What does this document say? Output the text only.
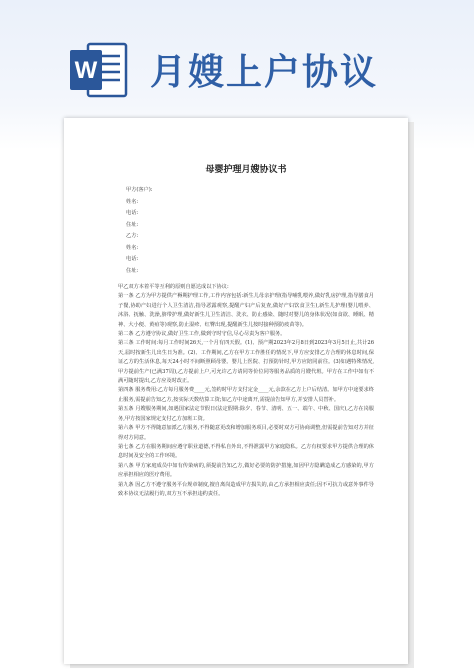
W 月嫂上户协议
母婴护理月嫂协议书
甲方(客户):
姓名:
电话:
住址:
乙方:
姓名:
电话:
住址:

甲乙双方本着平等互利的原则自愿达成以下协议:

第一条 乙方为甲方提供产褥期护理工作,工作内容包括:新生儿母亲护理(指导哺乳喂养,做好乳房护理,指导膳食月子餐,协助产妇进行个人卫生清洁,指导恶露观察,提醒产妇产后复查,做好产妇饮食卫生),新生儿护理(婴儿喂养、沐浴、抚触、洗澡,脐带护理,做好新生儿卫生清洁、洗衣、防止感染、随时对婴儿的身体状况(如食欲、睡眠、精神、大小便、黄疸等)观察,防止湿疹、红臀出现,提醒新生儿按时接种预防疫苗等)。

第二条 乙方遵守协议,做好卫生工作,做到守时守信,尽心尽责为客户服务。

第三条 工作时间:每月工作时间26天,一个月有四天假。(1)、预产期2023年2月8日到2023年3月5日止,共计26天,届时按新生儿出生日为准。(2)、工作期间,乙方在甲方工作胜任的情况下,甲方应安排乙方合理的休息时间,保证乙方的生活休息,每天24小时不间断照顾母婴。婴儿上医院、打预防针时,甲方应陪同前往。(3)如遇特殊情况,甲方提前生产(已满37周),乙方提前上户,可允许乙方请同等价位同等服务品质的月嫂代班。甲方在工作中如有不满可随时提出,乙方应及时改正。

第四条 服务费用:乙方每月服务费____元,签约时甲方支付定金____元,余款在乙方上户后结清。如甲方中途要求终止服务,需提前告知乙方,按实际天数结算工资;如乙方中途离开,需提前告知甲方,并安排人员替补。

第五条 月嫂服务期间,如遇国家法定节假日(法定假期:除夕、春节、清明、五一、端午、中秋、国庆),乙方在岗服务,甲方按国家规定支付乙方加班工资。

第六条 甲方不得随意加派乙方服务,不得随意更改和增加服务项目,必要时双方可协商调整,但需提前告知对方并征得对方同意。

第七条 乙方在服务期间应遵守职业道德,不得私自外出,不得泄露甲方家庭隐私。乙方有权要求甲方提供合理的休息时间及安全的工作环境。

第八条 甲方家庭成员中如有传染病的,须提前告知乙方,做好必要的防护措施,如因甲方隐瞒造成乙方感染的,甲方应承担相应的医疗费用。

第九条 因乙方不遵守服务平台规章制度,擅自离岗造成甲方损失的,由乙方承担相应责任;因不可抗力或意外事件导致本协议无法履行的,双方互不承担违约责任。
